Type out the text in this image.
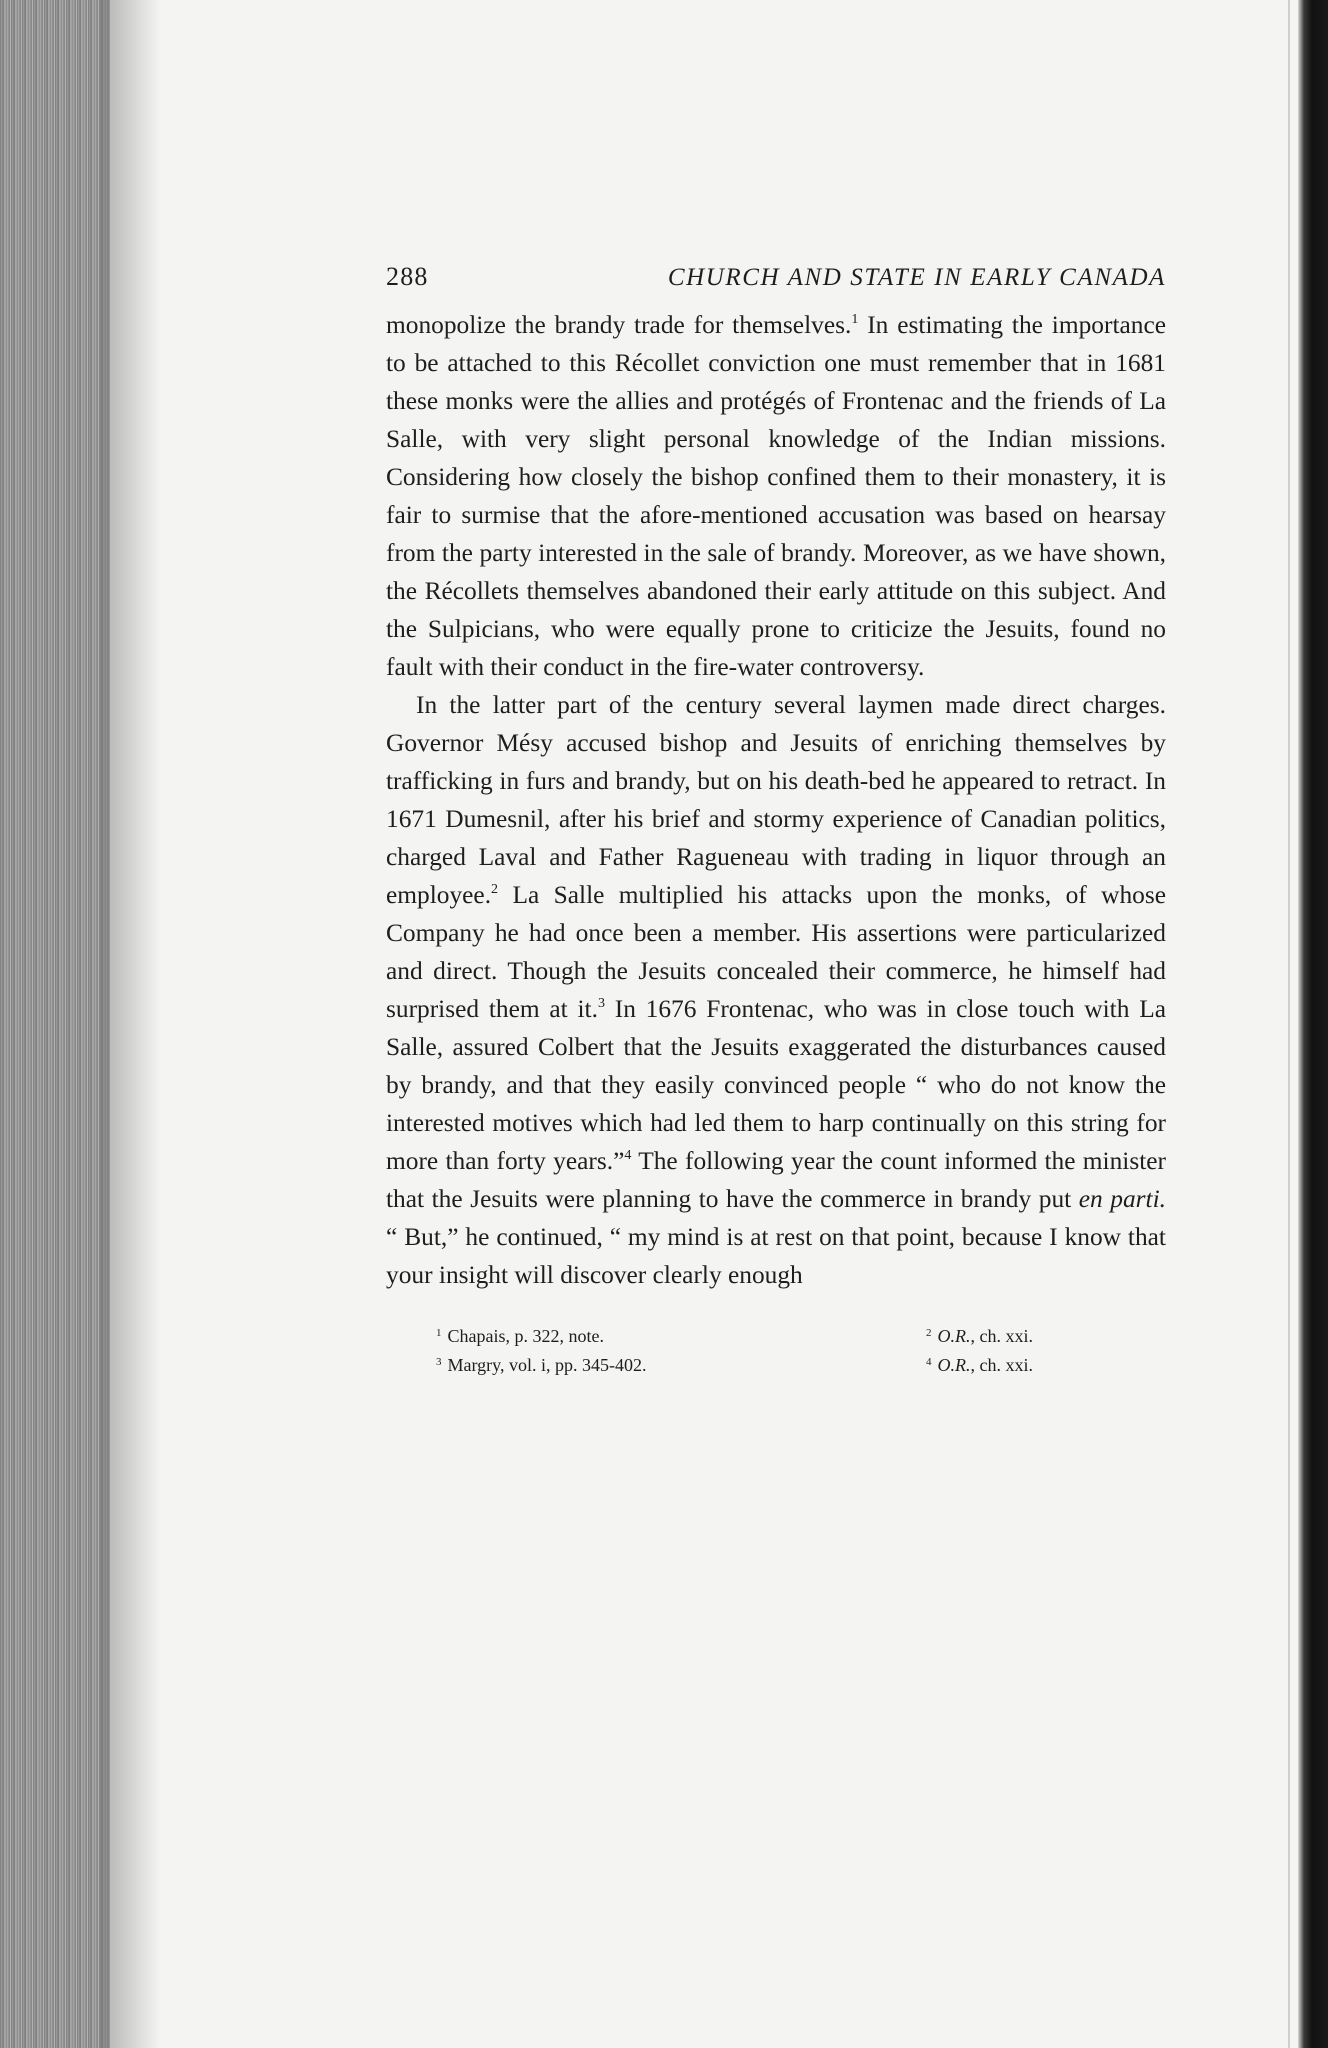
288	CHURCH AND STATE IN EARLY CANADA

monopolize the brandy trade for themselves.$^1$ In estimating the importance to be attached to this Récollet conviction one must remember that in 1681 these monks were the allies and protégés of Frontenac and the friends of La Salle, with very slight personal knowledge of the Indian missions. Considering how closely the bishop confined them to their monastery, it is fair to surmise that the afore-mentioned accusation was based on hearsay from the party interested in the sale of brandy. Moreover, as we have shown, the Récollets themselves abandoned their early attitude on this subject. And the Sulpicians, who were equally prone to criticize the Jesuits, found no fault with their conduct in the fire-water controversy.

In the latter part of the century several laymen made direct charges. Governor Mésy accused bishop and Jesuits of enriching themselves by trafficking in furs and brandy, but on his death-bed he appeared to retract. In 1671 Dumesnil, after his brief and stormy experience of Canadian politics, charged Laval and Father Ragueneau with trading in liquor through an employee.$^2$ La Salle multiplied his attacks upon the monks, of whose Company he had once been a member. His assertions were particularized and direct. Though the Jesuits concealed their commerce, he himself had surprised them at it.$^3$ In 1676 Frontenac, who was in close touch with La Salle, assured Colbert that the Jesuits exaggerated the disturbances caused by brandy, and that they easily convinced people “ who do not know the interested motives which had led them to harp continually on this string for more than forty years.”$^4$ The following year the count informed the minister that the Jesuits were planning to have the commerce in brandy put en parti. “ But,” he continued, “ my mind is at rest on that point, because I know that your insight will discover clearly enough

$^1$ Chapais, p. 322, note.	$^2$ O.R., ch. xxi.
$^3$ Margry, vol. i, pp. 345-402.	$^4$ O.R., ch. xxi.
